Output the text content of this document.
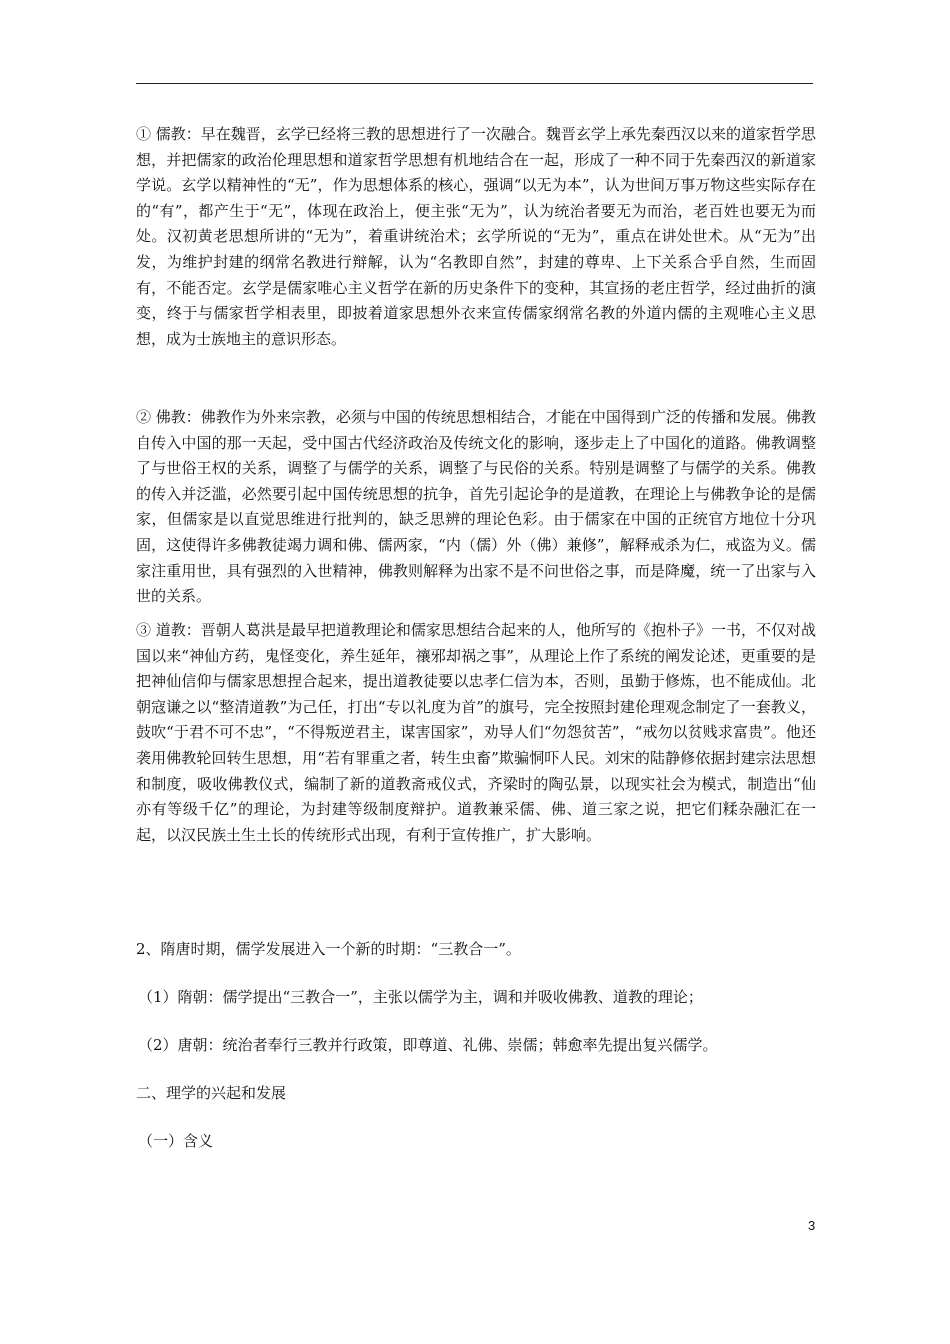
① 儒教：早在魏晋，玄学已经将三教的思想进行了一次融合。魏晋玄学上承先秦西汉以来的道家哲学思想，并把儒家的政治伦理思想和道家哲学思想有机地结合在一起，形成了一种不同于先秦西汉的新道家学说。玄学以精神性的“无”，作为思想体系的核心，强调“以无为本”，认为世间万事万物这些实际存在的“有”，都产生于“无”，体现在政治上，便主张“无为”，认为统治者要无为而治，老百姓也要无为而处。汉初黄老思想所讲的“无为”，着重讲统治术；玄学所说的“无为”，重点在讲处世术。从“无为”出发，为维护封建的纲常名教进行辩解，认为“名教即自然”，封建的尊卑、上下关系合乎自然，生而固有，不能否定。玄学是儒家唯心主义哲学在新的历史条件下的变种，其宣扬的老庄哲学，经过曲折的演变，终于与儒家哲学相表里，即披着道家思想外衣来宣传儒家纲常名教的外道内儒的主观唯心主义思想，成为士族地主的意识形态。

② 佛教：佛教作为外来宗教，必须与中国的传统思想相结合，才能在中国得到广泛的传播和发展。佛教自传入中国的那一天起，受中国古代经济政治及传统文化的影响，逐步走上了中国化的道路。佛教调整了与世俗王权的关系，调整了与儒学的关系，调整了与民俗的关系。特别是调整了与儒学的关系。佛教的传入并泛滥，必然要引起中国传统思想的抗争，首先引起论争的是道教，在理论上与佛教争论的是儒家，但儒家是以直觉思维进行批判的，缺乏思辨的理论色彩。由于儒家在中国的正统官方地位十分巩固，这使得许多佛教徒竭力调和佛、儒两家，“内（儒）外（佛）兼修”，解释戒杀为仁，戒盗为义。儒家注重用世，具有强烈的入世精神，佛教则解释为出家不是不问世俗之事，而是降魔，统一了出家与入世的关系。

③ 道教：晋朝人葛洪是最早把道教理论和儒家思想结合起来的人，他所写的《抱朴子》一书，不仅对战国以来“神仙方药，鬼怪变化，养生延年，禳邪却祸之事”，从理论上作了系统的阐发论述，更重要的是把神仙信仰与儒家思想捏合起来，提出道教徒要以忠孝仁信为本，否则，虽勤于修炼，也不能成仙。北朝寇谦之以“整清道教”为己任，打出“专以礼度为首”的旗号，完全按照封建伦理观念制定了一套教义，鼓吹“于君不可不忠”，“不得叛逆君主，谋害国家”，劝导人们“勿怨贫苦”，“戒勿以贫贱求富贵”。他还袭用佛教轮回转生思想，用“若有罪重之者，转生虫畜”欺骗恫吓人民。刘宋的陆静修依据封建宗法思想和制度，吸收佛教仪式，编制了新的道教斋戒仪式，齐梁时的陶弘景，以现实社会为模式，制造出“仙亦有等级千亿”的理论，为封建等级制度辩护。道教兼采儒、佛、道三家之说，把它们糅杂融汇在一起，以汉民族土生土长的传统形式出现，有利于宣传推广，扩大影响。

2、隋唐时期，儒学发展进入一个新的时期：“三教合一”。

（1）隋朝：儒学提出“三教合一”，主张以儒学为主，调和并吸收佛教、道教的理论；

（2）唐朝：统治者奉行三教并行政策，即尊道、礼佛、崇儒；韩愈率先提出复兴儒学。

二、理学的兴起和发展

（一）含义

3
